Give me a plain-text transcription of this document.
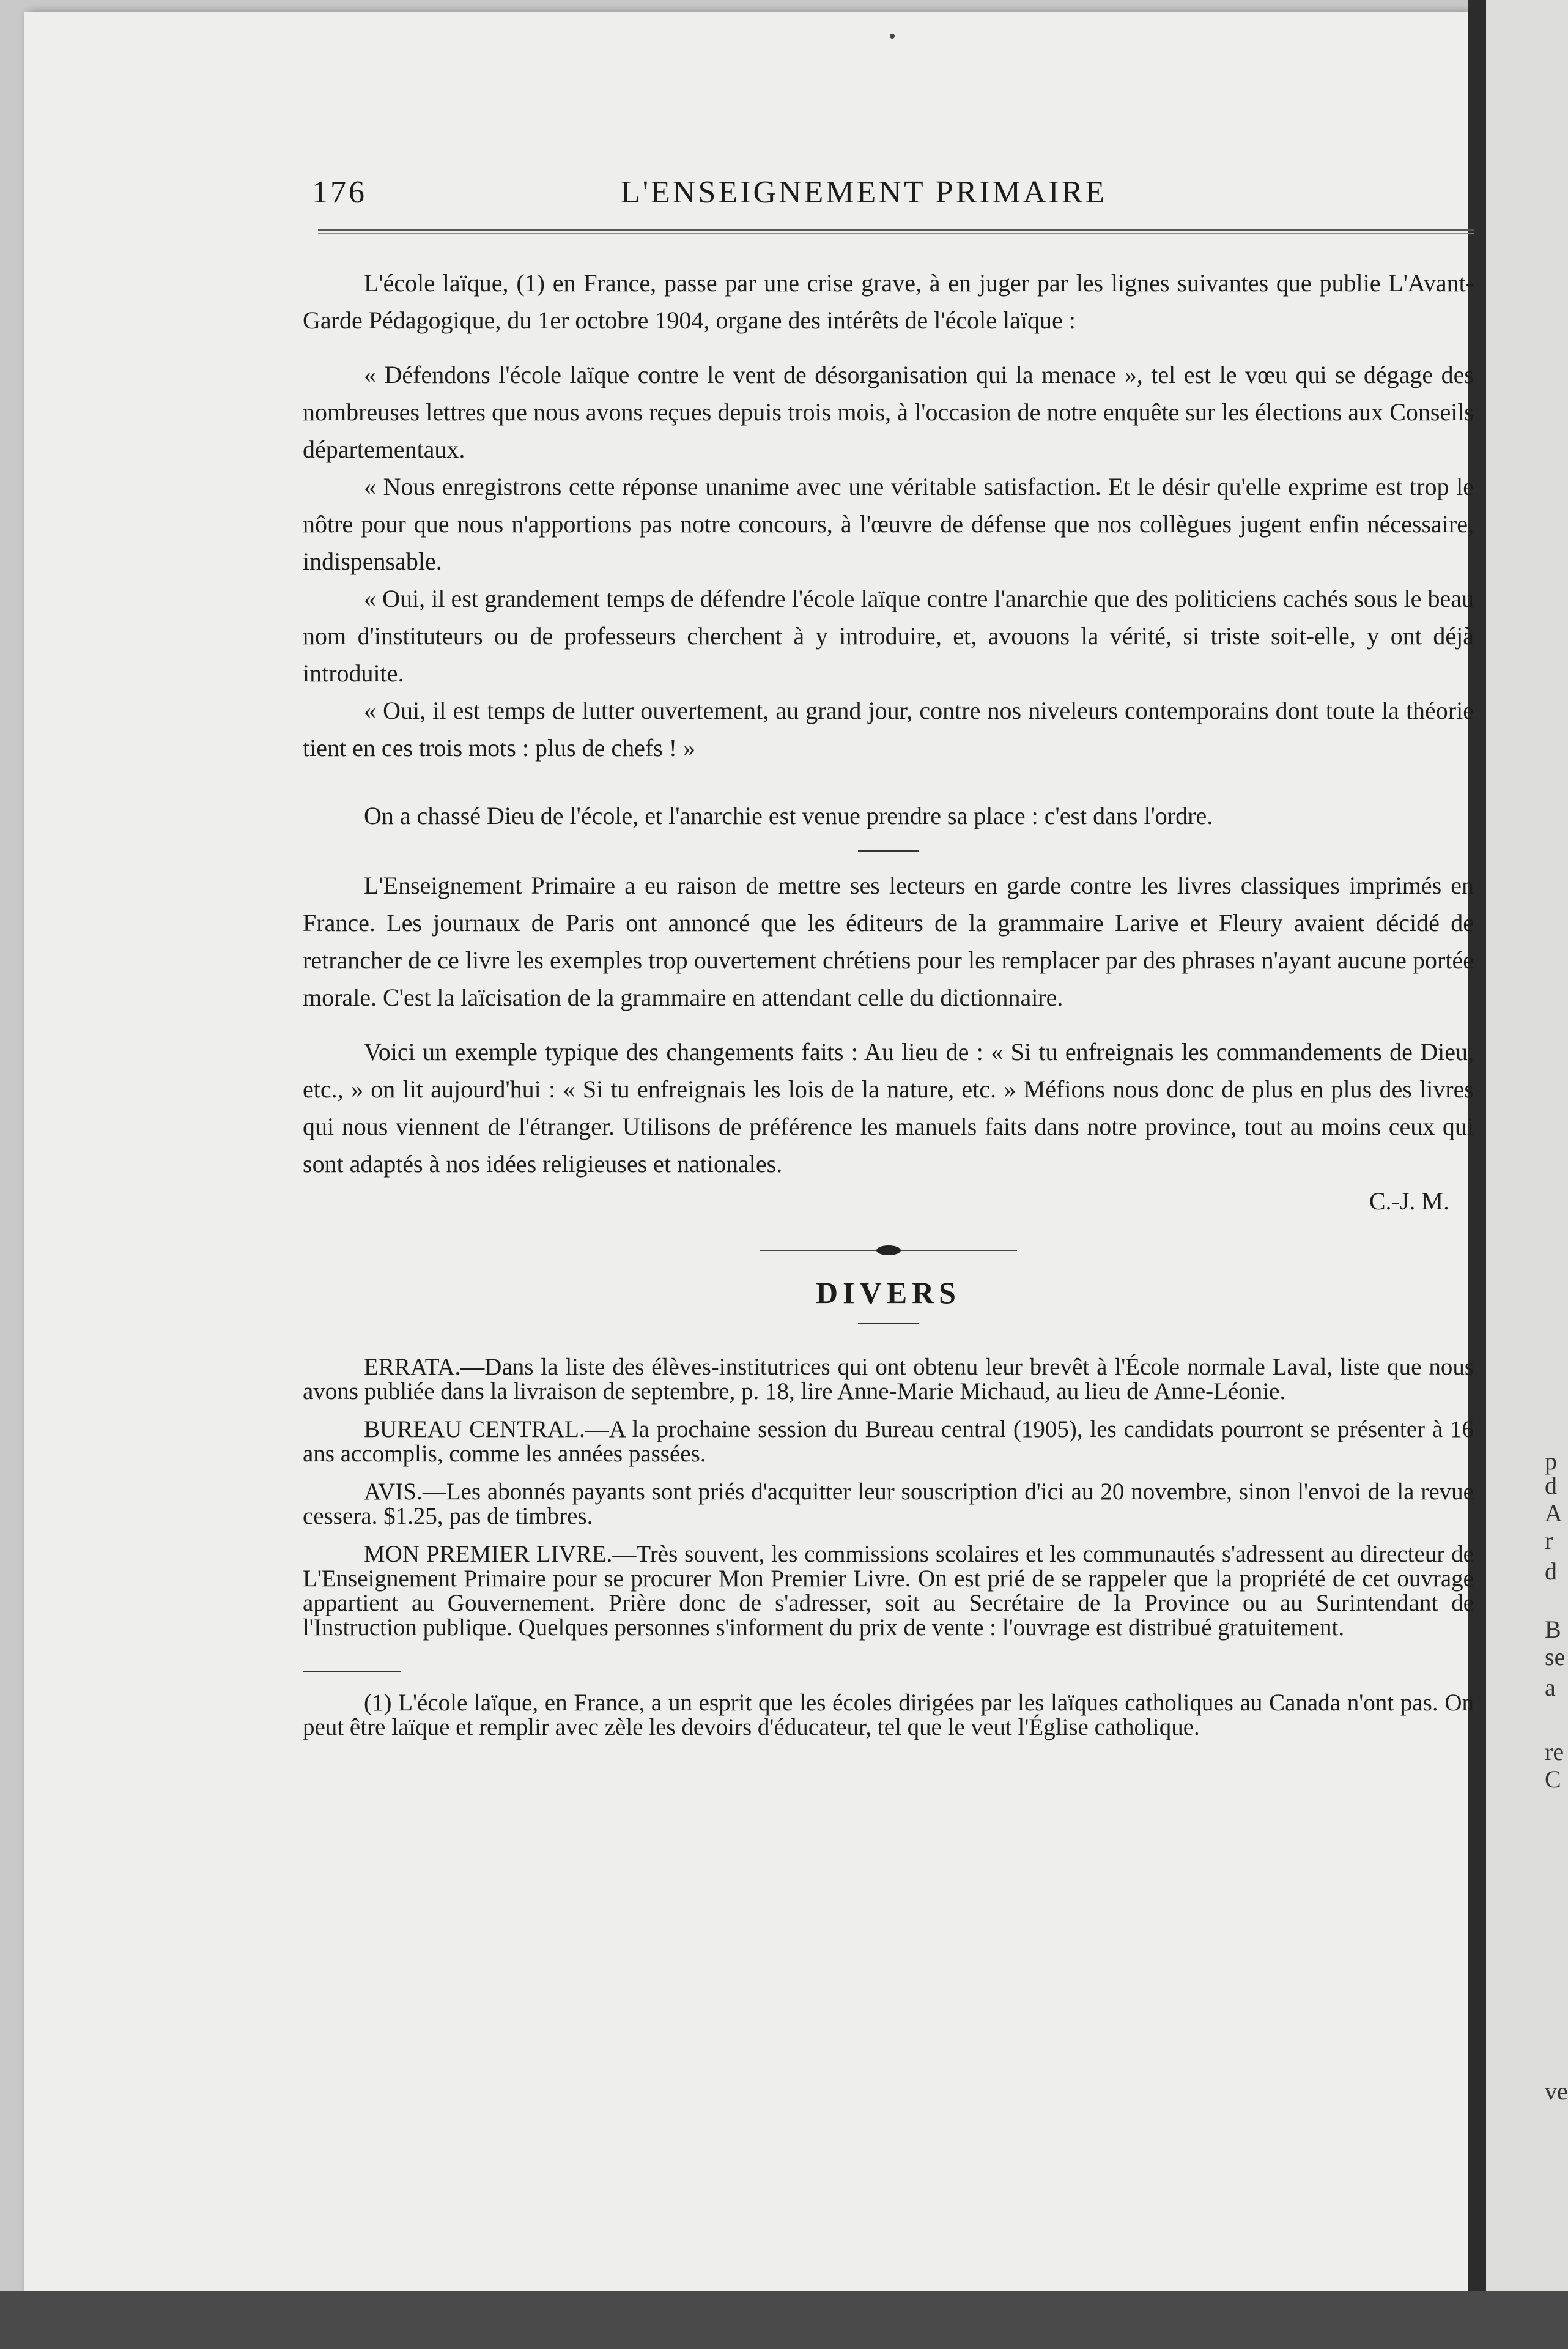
p
d
A
r
d
B
se
a
re
C
ve
176	L'ENSEIGNEMENT PRIMAIRE

L'école laïque, (1) en France, passe par une crise grave, à en juger par les lignes suivantes que publie L'Avant-Garde Pédagogique, du 1er octobre 1904, organe des intérêts de l'école laïque :

« Défendons l'école laïque contre le vent de désorganisation qui la menace », tel est le vœu qui se dégage des nombreuses lettres que nous avons reçues depuis trois mois, à l'occasion de notre enquête sur les élections aux Conseils départementaux.

« Nous enregistrons cette réponse unanime avec une véritable satisfaction. Et le désir qu'elle exprime est trop le nôtre pour que nous n'apportions pas notre concours, à l'œuvre de défense que nos collègues jugent enfin nécessaire, indispensable.

« Oui, il est grandement temps de défendre l'école laïque contre l'anarchie que des politiciens cachés sous le beau nom d'instituteurs ou de professeurs cherchent à y introduire, et, avouons la vérité, si triste soit-elle, y ont déjà introduite.

« Oui, il est temps de lutter ouvertement, au grand jour, contre nos niveleurs contemporains dont toute la théorie tient en ces trois mots : plus de chefs ! »

On a chassé Dieu de l'école, et l'anarchie est venue prendre sa place : c'est dans l'ordre.

L'Enseignement Primaire a eu raison de mettre ses lecteurs en garde contre les livres classiques imprimés en France. Les journaux de Paris ont annoncé que les éditeurs de la grammaire Larive et Fleury avaient décidé de retrancher de ce livre les exemples trop ouvertement chrétiens pour les remplacer par des phrases n'ayant aucune portée morale. C'est la laïcisation de la grammaire en attendant celle du dictionnaire.

Voici un exemple typique des changements faits : Au lieu de : « Si tu enfreignais les commandements de Dieu, etc., » on lit aujourd'hui : « Si tu enfreignais les lois de la nature, etc. » Méfions nous donc de plus en plus des livres qui nous viennent de l'étranger. Utilisons de préférence les manuels faits dans notre province, tout au moins ceux qui sont adaptés à nos idées religieuses et nationales.

C.-J. M.
DIVERS

ERRATA.—Dans la liste des élèves-institutrices qui ont obtenu leur brevêt à l'École normale Laval, liste que nous avons publiée dans la livraison de septembre, p. 18, lire Anne-Marie Michaud, au lieu de Anne-Léonie.

BUREAU CENTRAL.—A la prochaine session du Bureau central (1905), les candidats pourront se présenter à 16 ans accomplis, comme les années passées.

AVIS.—Les abonnés payants sont priés d'acquitter leur souscription d'ici au 20 novembre, sinon l'envoi de la revue cessera. $1.25, pas de timbres.

MON PREMIER LIVRE.—Très souvent, les commissions scolaires et les communautés s'adressent au directeur de L'Enseignement Primaire pour se procurer Mon Premier Livre. On est prié de se rappeler que la propriété de cet ouvrage appartient au Gouvernement. Prière donc de s'adresser, soit au Secrétaire de la Province ou au Surintendant de l'Instruction publique. Quelques personnes s'informent du prix de vente : l'ouvrage est distribué gratuitement.

(1) L'école laïque, en France, a un esprit que les écoles dirigées par les laïques catholiques au Canada n'ont pas. On peut être laïque et remplir avec zèle les devoirs d'éducateur, tel que le veut l'Église catholique.
